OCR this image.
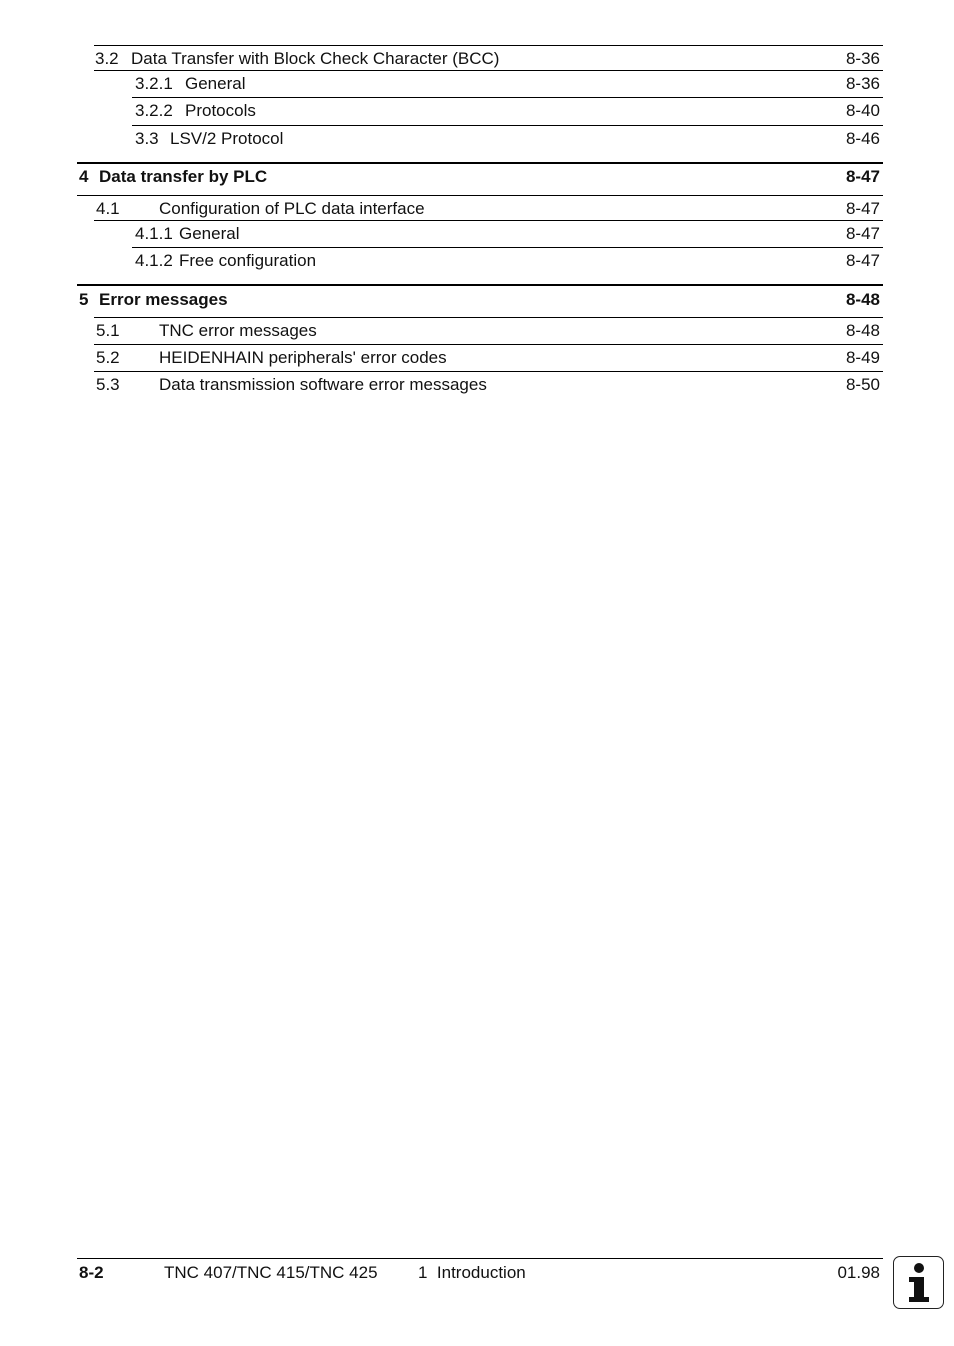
3.2 Data Transfer with Block Check Character (BCC)	8-36
3.2.1 General	8-36
3.2.2 Protocols	8-40
3.3 LSV/2 Protocol	8-46
4 Data transfer by PLC	8-47
4.1 Configuration of PLC data interface	8-47
4.1.1 General	8-47
4.1.2 Free configuration	8-47
5 Error messages	8-48
5.1 TNC error messages	8-48
5.2 HEIDENHAIN peripherals' error codes	8-49
5.3 Data transmission software error messages	8-50
8-2	TNC 407/TNC 415/TNC 425 1  Introduction	01.98
